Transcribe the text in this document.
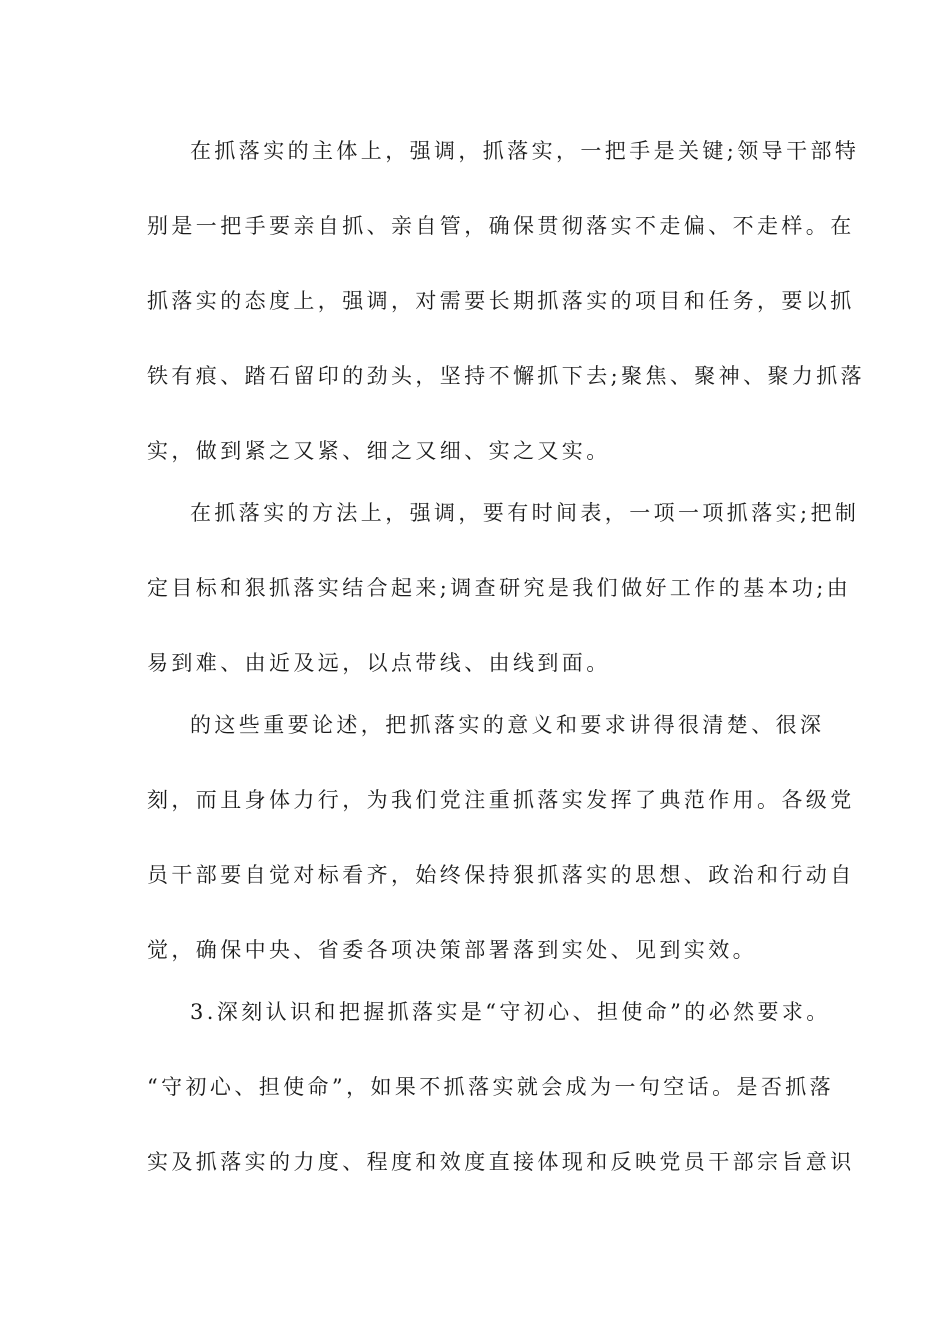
在抓落实的主体上，强调，抓落实，一把手是关键;领导干部特
别是一把手要亲自抓、亲自管，确保贯彻落实不走偏、不走样。在
抓落实的态度上，强调，对需要长期抓落实的项目和任务，要以抓
铁有痕、踏石留印的劲头，坚持不懈抓下去;聚焦、聚神、聚力抓落
实，做到紧之又紧、细之又细、实之又实。
在抓落实的方法上，强调，要有时间表，一项一项抓落实;把制
定目标和狠抓落实结合起来;调查研究是我们做好工作的基本功;由
易到难、由近及远，以点带线、由线到面。
的这些重要论述，把抓落实的意义和要求讲得很清楚、很深
刻，而且身体力行，为我们党注重抓落实发挥了典范作用。各级党
员干部要自觉对标看齐，始终保持狠抓落实的思想、政治和行动自
觉，确保中央、省委各项决策部署落到实处、见到实效。
3.深刻认识和把握抓落实是“守初心、担使命”的必然要求。
“守初心、担使命”，如果不抓落实就会成为一句空话。是否抓落
实及抓落实的力度、程度和效度直接体现和反映党员干部宗旨意识
